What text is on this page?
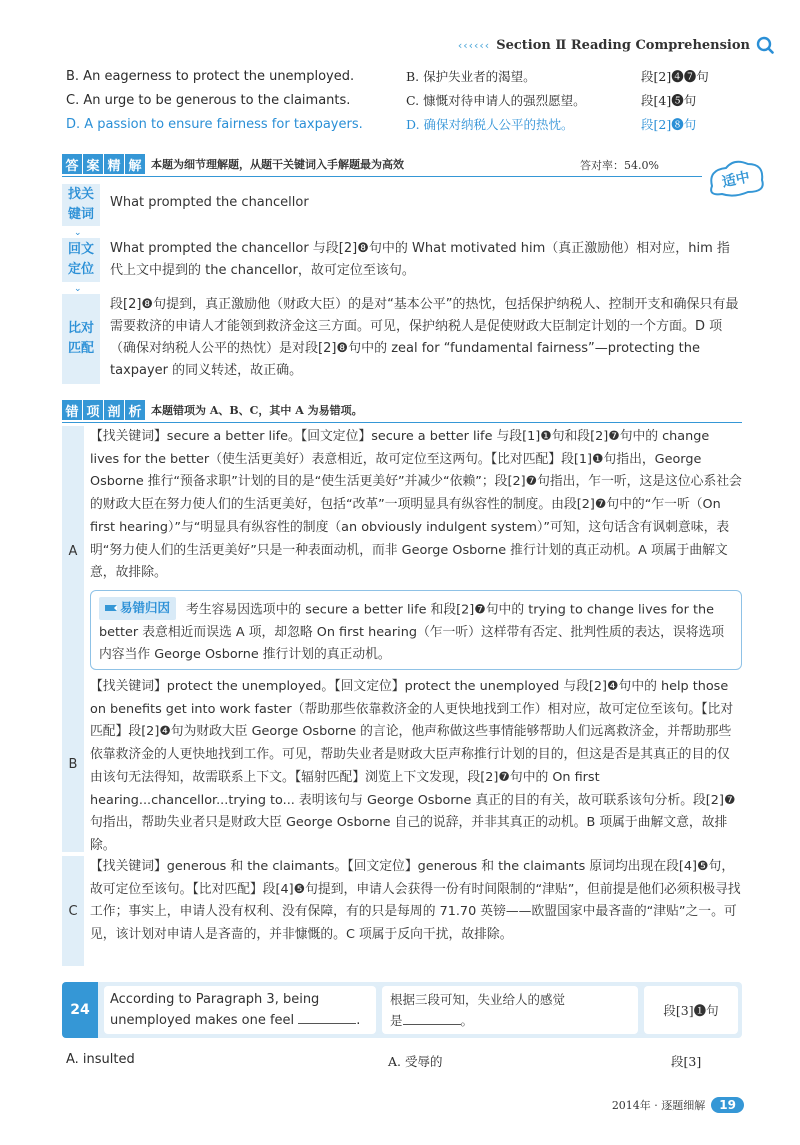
‹‹‹‹‹‹ Section Ⅱ Reading Comprehension
B. An eagerness to protect the unemployed.	B. 保护失业者的渴望。	段[2]❹❼句
C. An urge to be generous to the claimants.	C. 慷慨对待申请人的强烈愿望。	段[4]❺句
D. A passion to ensure fairness for taxpayers.	D. 确保对纳税人公平的热忱。	段[2]❽句
答 案 精 解 本题为细节理解题，从题干关键词入手解题最为高效	答对率：54.0%
适中
找关
键词
What prompted the chancellor
⌄
回文
定位
What prompted the chancellor 与段[2]❽句中的 What motivated him（真正激励他）相对应，him 指代上文中提到的 the chancellor，故可定位至该句。
⌄
比对
匹配
段[2]❽句提到，真正激励他（财政大臣）的是对“基本公平”的热忱，包括保护纳税人、控制开支和确保只有最需要救济的申请人才能领到救济金这三方面。可见，保护纳税人是促使财政大臣制定计划的一个方面。D 项（确保对纳税人公平的热忱）是对段[2]❽句中的 zeal for “fundamental fairness”—protecting the taxpayer 的同义转述，故正确。
错 项 剖 析 本题错项为 A、B、C，其中 A 为易错项。
A
【找关键词】secure a better life。【回文定位】secure a better life 与段[1]❶句和段[2]❼句中的 change lives for the better（使生活更美好）表意相近，故可定位至这两句。【比对匹配】段[1]❶句指出，George Osborne 推行“预备求职”计划的目的是“使生活更美好”并减少“依赖”；段[2]❼句指出，乍一听，这是这位心系社会的财政大臣在努力使人们的生活更美好，包括“改革”一项明显具有纵容性的制度。由段[2]❼句中的“乍一听（On first hearing）”与“明显具有纵容性的制度（an obviously indulgent system）”可知，这句话含有讽刺意味，表明“努力使人们的生活更美好”只是一种表面动机，而非 George Osborne 推行计划的真正动机。A 项属于曲解文意，故排除。
易错归因 考生容易因选项中的 secure a better life 和段[2]❼句中的 trying to change lives for the better 表意相近而误选 A 项，却忽略 On first hearing（乍一听）这样带有否定、批判性质的表达，误将选项内容当作 George Osborne 推行计划的真正动机。
B
【找关键词】protect the unemployed。【回文定位】protect the unemployed 与段[2]❹句中的 help those on benefits get into work faster（帮助那些依靠救济金的人更快地找到工作）相对应，故可定位至该句。【比对匹配】段[2]❹句为财政大臣 George Osborne 的言论，他声称做这些事情能够帮助人们远离救济金，并帮助那些依靠救济金的人更快地找到工作。可见，帮助失业者是财政大臣声称推行计划的目的，但这是否是其真正的目的仅由该句无法得知，故需联系上下文。【辐射匹配】浏览上下文发现，段[2]❼句中的 On first hearing...chancellor...trying to... 表明该句与 George Osborne 真正的目的有关，故可联系该句分析。段[2]❼句指出，帮助失业者只是财政大臣 George Osborne 自己的说辞，并非其真正的动机。B 项属于曲解文意，故排除。
C
【找关键词】generous 和 the claimants。【回文定位】generous 和 the claimants 原词均出现在段[4]❺句，故可定位至该句。【比对匹配】段[4]❺句提到，申请人会获得一份有时间限制的“津贴”，但前提是他们必须积极寻找工作；事实上，申请人没有权利、没有保障，有的只是每周的 71.70 英镑——欧盟国家中最吝啬的“津贴”之一。可见，该计划对申请人是吝啬的，并非慷慨的。C 项属于反向干扰，故排除。
24
According to Paragraph 3, being
unemployed makes one feel	.
根据三段可知，失业给人的感觉
是	。
段[3]❶句
A. insulted	A. 受辱的	段[3]
2014年 · 逐题细解	19
